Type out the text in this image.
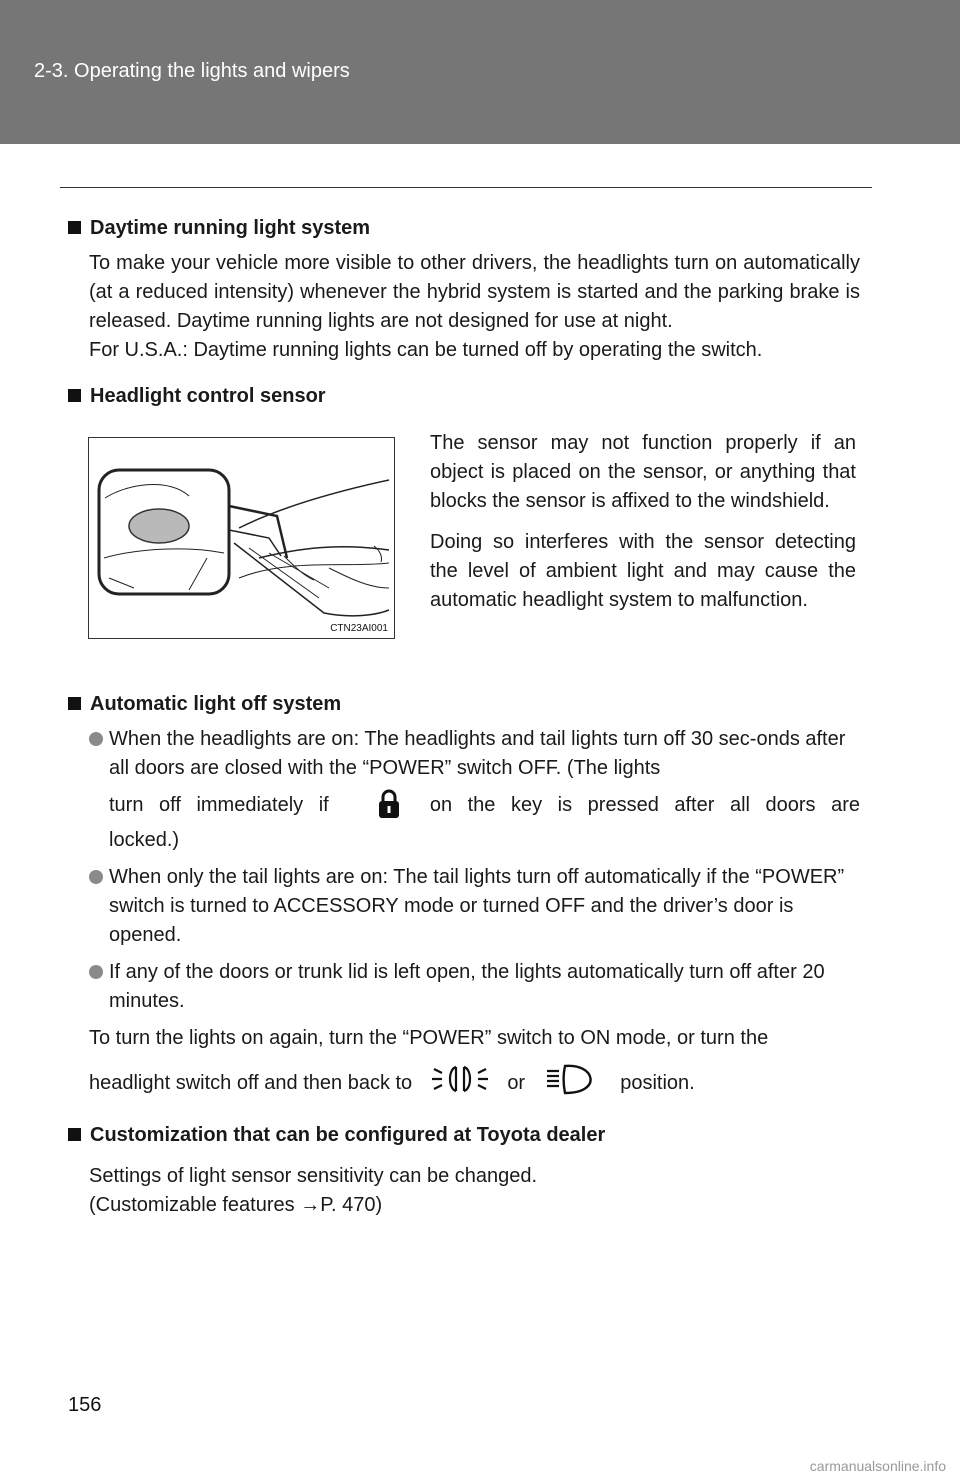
2-3. Operating the lights and wipers

Daytime running light system

To make your vehicle more visible to other drivers, the headlights turn on automatically (at a reduced intensity) whenever the hybrid system is started and the parking brake is released. Daytime running lights are not designed for use at night.

For U.S.A.: Daytime running lights can be turned off by operating the switch.

Headlight control sensor

CTN23AI001

The sensor may not function properly if an object is placed on the sensor, or anything that blocks the sensor is affixed to the windshield.

Doing so interferes with the sensor detecting the level of ambient light and may cause the automatic headlight system to malfunction.

Automatic light off system

When the headlights are on: The headlights and tail lights turn off 30 sec-onds after all doors are closed with the “POWER” switch OFF. (The lights
turn off immediately if	on the key is pressed after all doors are
locked.)
When only the tail lights are on: The tail lights turn off automatically if the “POWER” switch is turned to ACCESSORY mode or turned OFF and the driver’s door is opened.
If any of the doors or trunk lid is left open, the lights automatically turn off after 20 minutes.

To turn the lights on again, turn the “POWER” switch to ON mode, or turn the

headlight switch off and then back to	or	position.

Customization that can be configured at Toyota dealer

Settings of light sensor sensitivity can be changed.

(Customizable features →P. 470)

156
carmanualsonline.info
